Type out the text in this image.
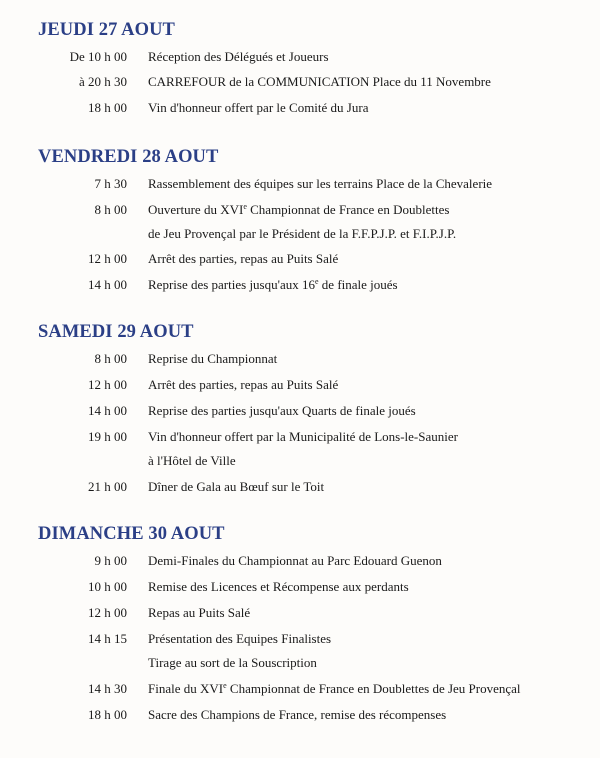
JEUDI 27 AOUT
De 10 h 00 Réception des Délégués et Joueurs
à 20 h 30 CARREFOUR de la COMMUNICATION Place du 11 Novembre
18 h 00 Vin d'honneur offert par le Comité du Jura
VENDREDI 28 AOUT
7 h 30 Rassemblement des équipes sur les terrains Place de la Chevalerie
8 h 00 Ouverture du XVIe Championnat de France en Doublettes
de Jeu Provençal par le Président de la F.F.P.J.P. et F.I.P.J.P.
12 h 00 Arrêt des parties, repas au Puits Salé
14 h 00 Reprise des parties jusqu'aux 16e de finale joués
SAMEDI 29 AOUT
8 h 00 Reprise du Championnat
12 h 00 Arrêt des parties, repas au Puits Salé
14 h 00 Reprise des parties jusqu'aux Quarts de finale joués
19 h 00 Vin d'honneur offert par la Municipalité de Lons-le-Saunier
à l'Hôtel de Ville
21 h 00 Dîner de Gala au Bœuf sur le Toit
DIMANCHE 30 AOUT
9 h 00 Demi-Finales du Championnat au Parc Edouard Guenon
10 h 00 Remise des Licences et Récompense aux perdants
12 h 00 Repas au Puits Salé
14 h 15 Présentation des Equipes Finalistes
Tirage au sort de la Souscription
14 h 30 Finale du XVIe Championnat de France en Doublettes de Jeu Provençal
18 h 00 Sacre des Champions de France, remise des récompenses
